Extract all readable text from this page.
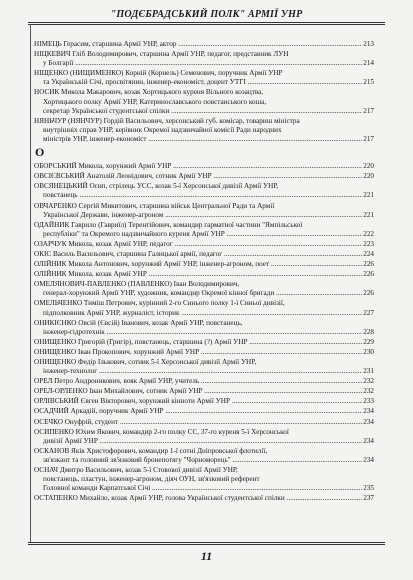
"ПОДЄБРАДСЬКИЙ ПОЛК" АРМІЇ УНР
НІМЕЦЬ Герасим, старшина Армії УНР, актор .....	213
НІЦКЕВИЧ Гліб Володимирович, старшина Армії УНР, педагог, представник ЛУН
у Болгарії .....	214
НІЩЕНКО (НИЩИМЕНКО) Корній (Корнель) Семенович, поручник Армії УНР
та Українській Січі, просвітянин, інженер-економіст, доцент УТГІ .....	215
НОСИК Микола Макарович, козак Хортицького куреня Вільного козацтва,
Хортицького полку Армії УНР, Катеринославського повстанського коша,
секретар Української студентської спілки .....	217
НЯНЬЧУР (НЯНЧУР) Гордій Васильович, херсонський губ. комісар, товариш міністра
внутрішніх справ УНР, керівник Окремої надзвичайної комісії Ради народних
міністрів УНР, інженер-економіст .....	217
О
ОБОРСЬКИЙ Микола, хорунжий Армії УНР .....	220
ОВСІЄВСЬКИЙ Анатолій Леонідович, сотник Армії УНР .....	220
ОВСЯНЕЦЬКИЙ Осип, стрілець УСС, козак 5-ї Херсонської дивізії Армії УНР,
повстанець .....	221
ОВЧАРЕНКО Сергій Микитович, старшина військ Центральної Ради та Армії
Української Держави, інженер-агроном .....	221
ОДАЙНИК Гаврило (Гавриїл) Терентійович, командир гарматної частини "Ямпільської
республіки" та Окремого надзвичайного куреня Армії УНР .....	222
ОЗАРЧУК Микола, козак Армії УНР, педагог .....	223
ОКІС Василь Васильович, старшина Галицької армії, педагог .....	224
ОЛІЙНИК Микола Антонович, хорунжий Армії УНР, інженер-агроном, поет .....	226
ОЛІЙНИК Микола, козак Армії УНР .....	226
ОМЕЛЯНОВИЧ-ПАВЛЕНКО (ПАВЛЕНКО) Іван Володимирович,
генерал-хорунжий Армії УНР, художник, командир Окремої кінної бригади .....	226
ОМЕЛЬЧЕНКО Тиміш Петрович, курінний 2-го Синього полку 1-ї Синьої дивізії,
підполковник Армії УНР, журналіст, історик .....	227
ОНИКІЄНКО Овсій (Євсій) Іванович, козак Армії УНР, повстанець,
інженер-гідротехнік .....	228
ОНИЩЕНКО Григорій (Григір), повстанець, старшина (?) Армії УНР .....	229
ОНИЩЕНКО Іван Прокопович, хорунжий Армії УНР .....	230
ОНИЩЕНКО Федір Ількович, сотник 5-ї Херсонської дивізії Армії УНР,
інженер-технолог .....	231
ОРЕЛ Петро Андроникович, вояк Армії УНР, учитель .....	232
ОРЕЛ-ОРЛЕНКО Іван Михайлович, сотник Армії УНР .....	232
ОРЛІВСЬКИЙ Євген Вікторович, хорунжий кінноти Армії УНР .....	233
ОСАДЧИЙ Аркадій, поручник Армії УНР .....	234
ОСЕЧКО Онуфрій, студент .....	234
ОСИПЕНКО Юхим Якович, командир 2-го полку СС, 37-го куреня 5-ї Херсонської
дивізії Армії УНР .....	234
ОСКАНОВ Якiв Христофорович, командир 1-ї сотні Дніпровської флотилії,
зв'язкант та головний зв'язковий бронепотягу "Чорноморець" .....	234
ОСНАЧ Дмитро Васильович, козак 5-ї Стовової дивізії Армії УНР,
повстанець, пластун, інженер-агроном, діяч ОУН, зв'язковий референт
Головної команди Карпатської Січі .....	235
ОСТАПЕНКО Михайло, козак Армії УНР, голова Української студентської спілки .....	237
11
